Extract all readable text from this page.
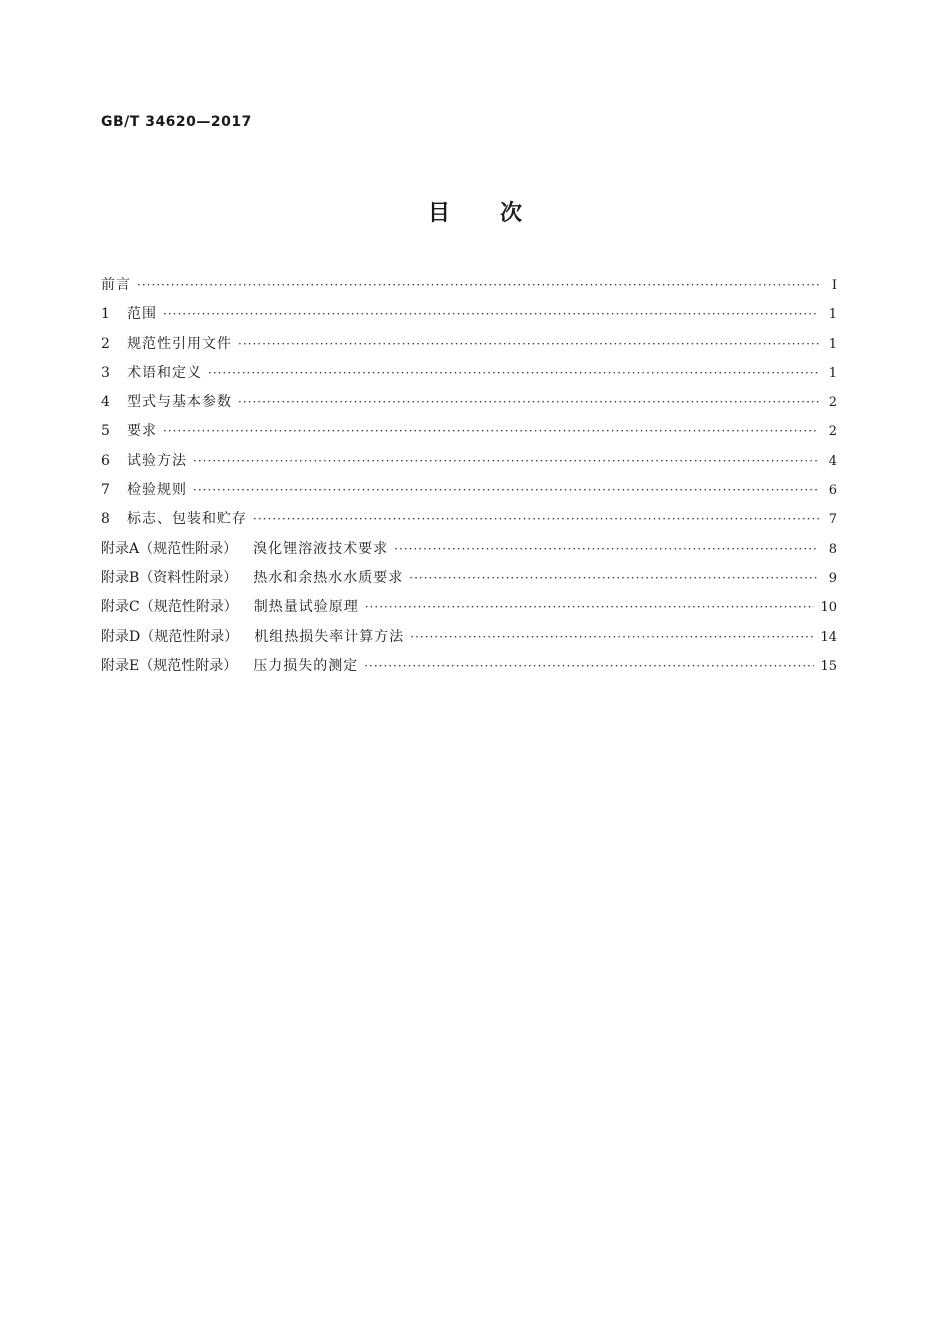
GB/T 34620—2017
目次
前言 ·····	Ⅰ
1	范围 ·····	1
2	规范性引用文件 ·····	1
3	术语和定义 ·····	1
4	型式与基本参数 ·····	2
5	要求 ·····	2
6	试验方法 ·····	4
7	检验规则 ·····	6
8	标志、包装和贮存 ·····	7
附录A（规范性附录）	溴化锂溶液技术要求 ·····	8
附录B（资料性附录）	热水和余热水水质要求 ·····	9
附录C（规范性附录）	制热量试验原理 ·····	10
附录D（规范性附录）	机组热损失率计算方法 ·····	14
附录E（规范性附录）	压力损失的测定 ·····	15
